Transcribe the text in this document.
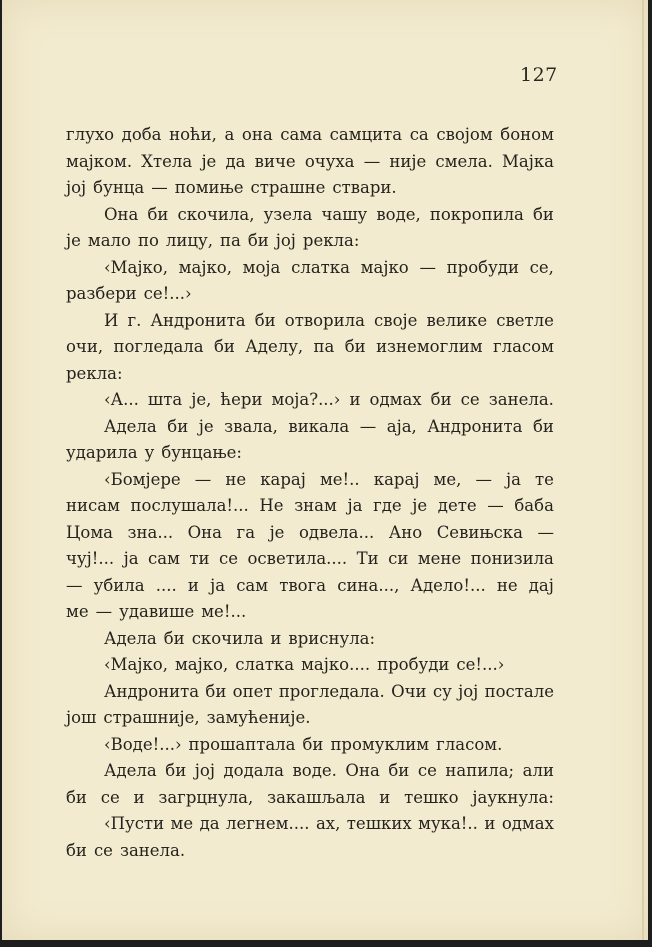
127
глухо доба ноћи, а она сама самцита са својом боном
мајком. Хтела је да виче очуха — није смела. Мајка
јој бунца — помиње страшне ствари.
Она би скочила, узела чашу воде, покропила би
је мало по лицу, па би јој рекла:
‹Мајко, мајко, моја слатка мајко — пробуди се,
разбери се!...›
И г. Андронита би отворила своје велике светле
очи, погледала би Аделу, па би изнемоглим гласом
рекла:
‹А... шта је, ћери моја?...› и одмах би се занела.
Адела би је звала, викала — аја, Андронита би
ударила у бунцање:
‹Бомјере — не карај ме!.. карај ме, — ја те
нисам послушала!... Не знам ја где је дете — баба
Цома зна... Она га је одвела... Ано Севињска —
чуј!... ја сам ти се осветила.... Ти си мене понизила
— убила .... и ја сам твога сина..., Адело!... не дај
ме — удавише ме!...
Адела би скочила и вриснула:
‹Мајко, мајко, слатка мајко.... пробуди се!...›
Андронита би опет прогледала. Очи су јој постале
још страшније, замућеније.
‹Воде!...› прошаптала би промуклим гласом.
Адела би јој додала воде. Она би се напила; али
би се и загрцнула, закашљала и тешко јаукнула:
‹Пусти ме да легнем.... ах, тешких мука!.. и одмах
би се занела.
